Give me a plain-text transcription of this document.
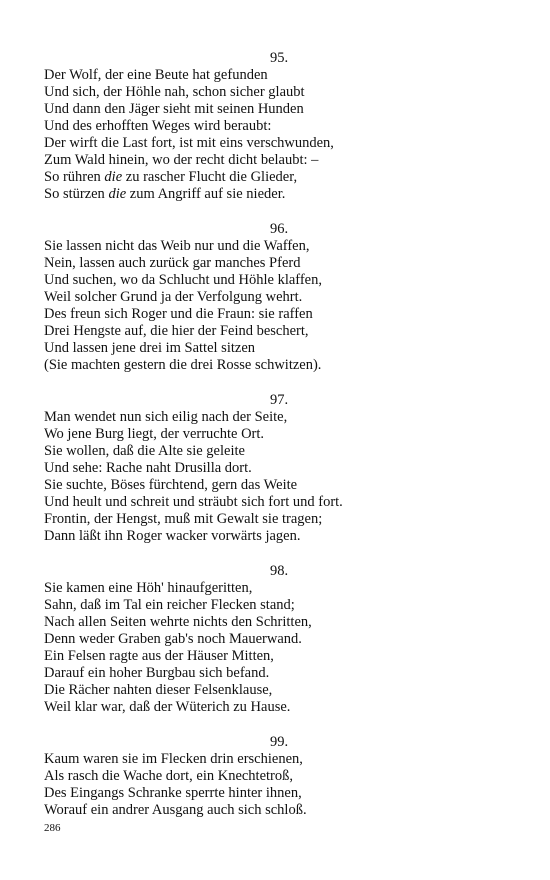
95.
Der Wolf, der eine Beute hat gefunden
Und sich, der Höhle nah, schon sicher glaubt
Und dann den Jäger sieht mit seinen Hunden
Und des erhofften Weges wird beraubt:
Der wirft die Last fort, ist mit eins verschwunden,
Zum Wald hinein, wo der recht dicht belaubt: –
So rühren die zu rascher Flucht die Glieder,
So stürzen die zum Angriff auf sie nieder.
96.
Sie lassen nicht das Weib nur und die Waffen,
Nein, lassen auch zurück gar manches Pferd
Und suchen, wo da Schlucht und Höhle klaffen,
Weil solcher Grund ja der Verfolgung wehrt.
Des freun sich Roger und die Fraun: sie raffen
Drei Hengste auf, die hier der Feind beschert,
Und lassen jene drei im Sattel sitzen
(Sie machten gestern die drei Rosse schwitzen).
97.
Man wendet nun sich eilig nach der Seite,
Wo jene Burg liegt, der verruchte Ort.
Sie wollen, daß die Alte sie geleite
Und sehe: Rache naht Drusilla dort.
Sie suchte, Böses fürchtend, gern das Weite
Und heult und schreit und sträubt sich fort und fort.
Frontin, der Hengst, muß mit Gewalt sie tragen;
Dann läßt ihn Roger wacker vorwärts jagen.
98.
Sie kamen eine Höh' hinaufgeritten,
Sahn, daß im Tal ein reicher Flecken stand;
Nach allen Seiten wehrte nichts den Schritten,
Denn weder Graben gab's noch Mauerwand.
Ein Felsen ragte aus der Häuser Mitten,
Darauf ein hoher Burgbau sich befand.
Die Rächer nahten dieser Felsenklause,
Weil klar war, daß der Wüterich zu Hause.
99.
Kaum waren sie im Flecken drin erschienen,
Als rasch die Wache dort, ein Knechtetroß,
Des Eingangs Schranke sperrte hinter ihnen,
Worauf ein andrer Ausgang auch sich schloß.
286
